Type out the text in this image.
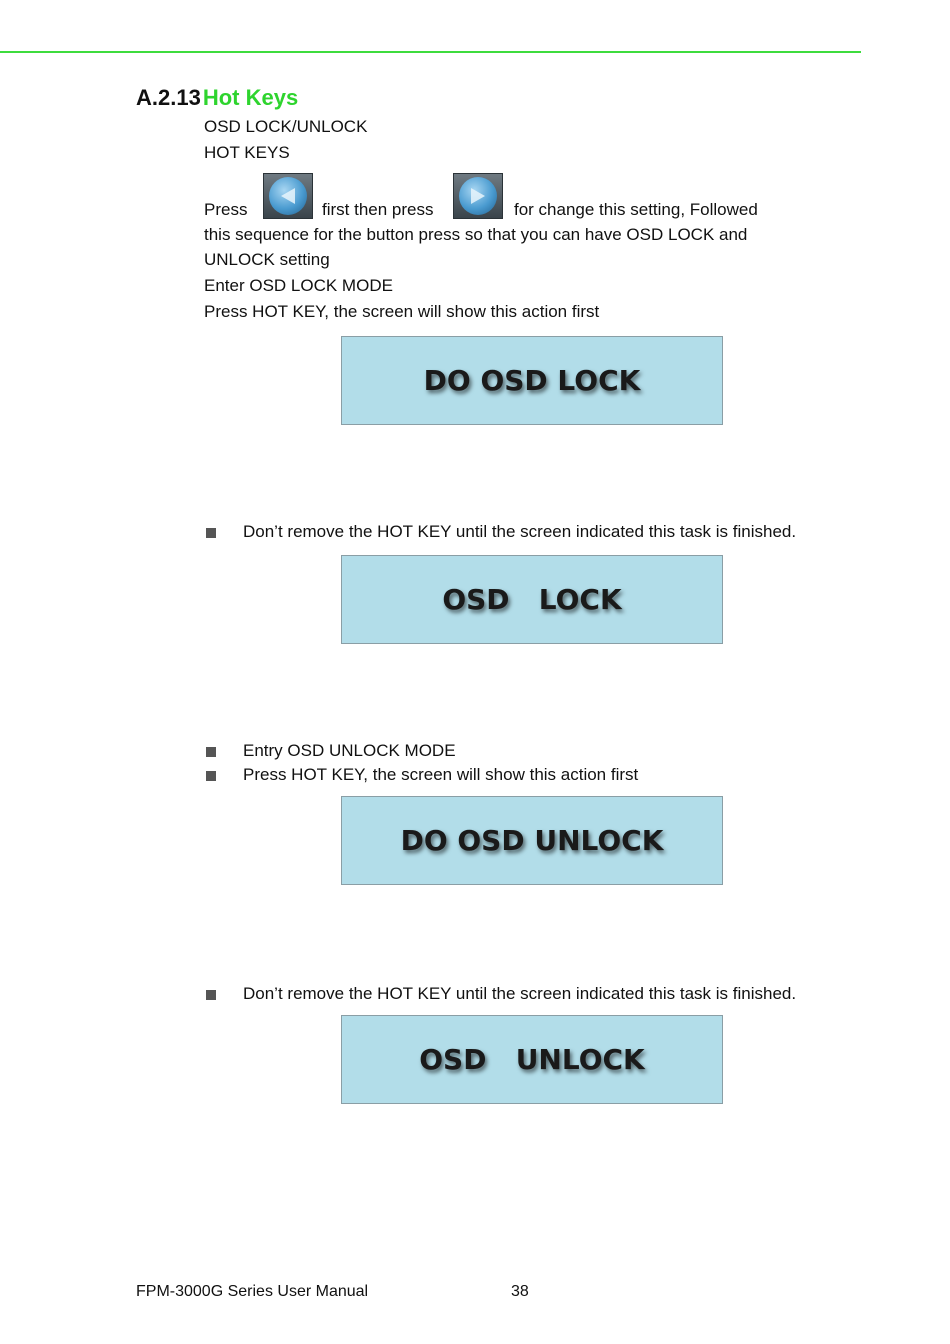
A.2.13Hot Keys
OSD LOCK/UNLOCK
HOT KEYS
Press	first then press	for change this setting, Followed
this sequence for the button press so that you can have OSD LOCK and
UNLOCK setting
Enter OSD LOCK MODE
Press HOT KEY, the screen will show this action first
DO OSD LOCK
Don’t remove the HOT KEY until the screen indicated this task is finished.
OSD   LOCK
Entry OSD UNLOCK MODE
Press HOT KEY, the screen will show this action first
DO OSD UNLOCK
Don’t remove the HOT KEY until the screen indicated this task is finished.
OSD   UNLOCK
FPM-3000G Series User Manual	38
